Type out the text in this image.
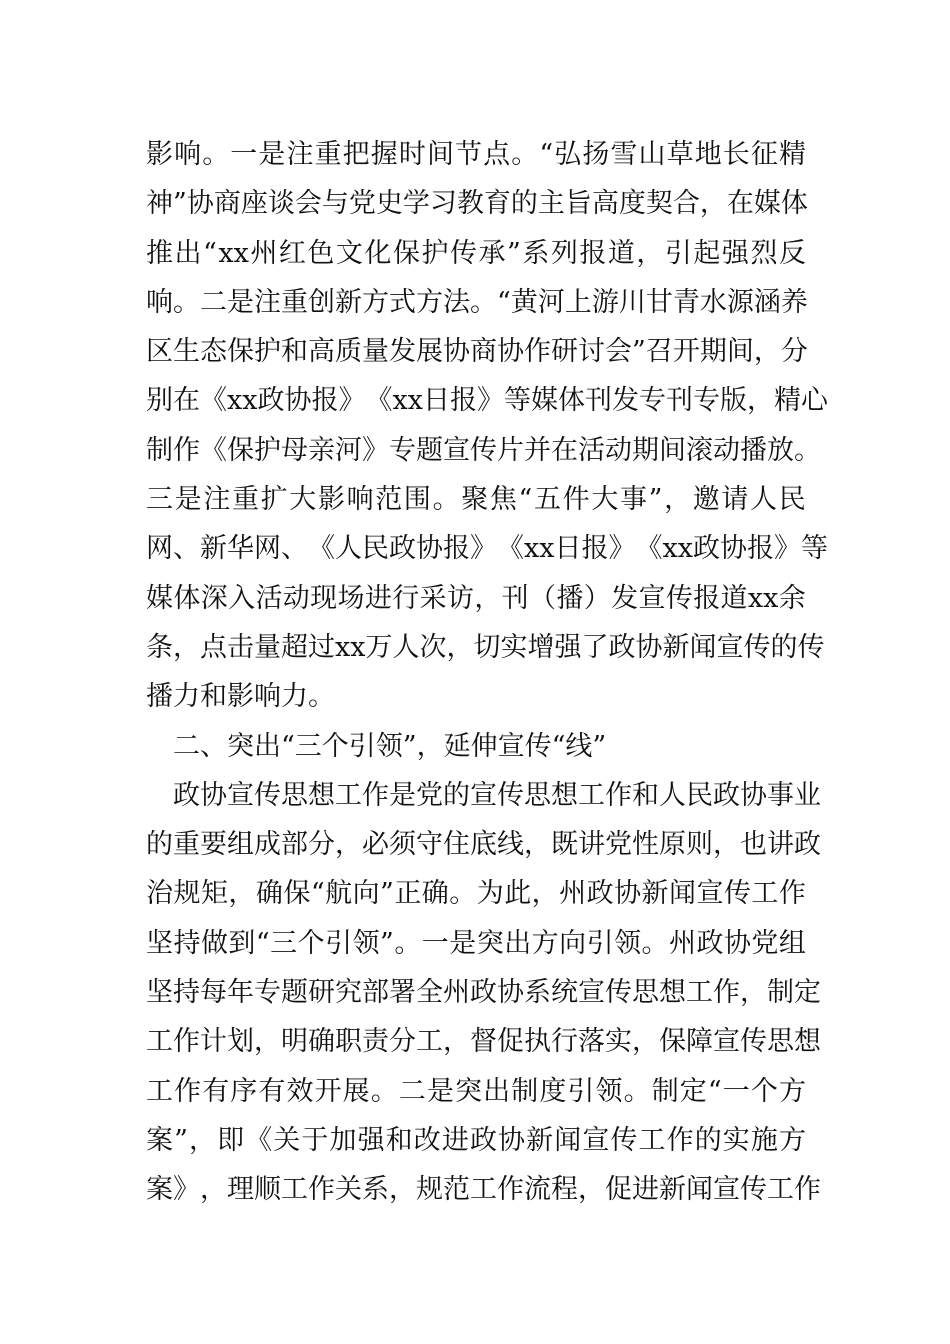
影 响 。 一 是 注 重 把 握 时 间 节 点 。 “ 弘 扬 雪 山 草 地 长 征 精
神 ” 协 商 座 谈 会 与 党 史 学 习 教 育 的 主 旨 高 度 契 合 ， 在 媒 体
推 出 “ xx 州 红 色 文 化 保 护 传 承 ” 系 列 报 道 ， 引 起 强 烈 反
响 。 二 是 注 重 创 新 方 式 方 法 。 “ 黄 河 上 游 川 甘 青 水 源 涵 养
区 生 态 保 护 和 高 质 量 发 展 协 商 协 作 研 讨 会 ” 召 开 期 间 ， 分
别 在 《 xx 政 协 报 》 《 xx 日 报 》 等 媒 体 刊 发 专 刊 专 版 ， 精 心
制 作 《 保 护 母 亲 河 》 专 题 宣 传 片 并 在 活 动 期 间 滚 动 播 放 。
三 是 注 重 扩 大 影 响 范 围 。 聚 焦 “ 五 件 大 事 ” ， 邀 请 人 民
网 、 新 华 网 、 《 人 民 政 协 报 》 《 xx 日 报 》 《 xx 政 协 报 》 等
媒 体 深 入 活 动 现 场 进 行 采 访 ， 刊 （ 播 ） 发 宣 传 报 道 xx 余
条 ， 点 击 量 超 过 xx 万 人 次 ， 切 实 增 强 了 政 协 新 闻 宣 传 的 传
播力和影响力。
二、突出“三个引领”，延伸宣传“线”
政 协 宣 传 思 想 工 作 是 党 的 宣 传 思 想 工 作 和 人 民 政 协 事 业
的 重 要 组 成 部 分 ， 必 须 守 住 底 线 ， 既 讲 党 性 原 则 ， 也 讲 政
治 规 矩 ， 确 保 “ 航 向 ” 正 确 。 为 此 ， 州 政 协 新 闻 宣 传 工 作
坚 持 做 到 “ 三 个 引 领 ” 。 一 是 突 出 方 向 引 领 。 州 政 协 党 组
坚 持 每 年 专 题 研 究 部 署 全 州 政 协 系 统 宣 传 思 想 工 作 ， 制 定
工 作 计 划 ， 明 确 职 责 分 工 ， 督 促 执 行 落 实 ， 保 障 宣 传 思 想
工 作 有 序 有 效 开 展 。 二 是 突 出 制 度 引 领 。 制 定 “ 一 个 方
案 ” ， 即 《 关 于 加 强 和 改 进 政 协 新 闻 宣 传 工 作 的 实 施 方
案 》 ， 理 顺 工 作 关 系 ， 规 范 工 作 流 程 ， 促 进 新 闻 宣 传 工 作
